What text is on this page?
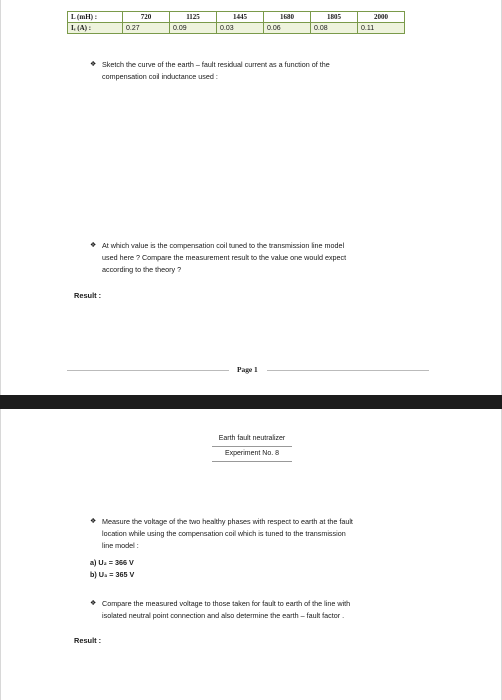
L (mH) :	720	1125	1445	1680	1805	2000
Iₑ (A) :	0.27	0.09	0.03	0.06	0.08	0.11
❖ Sketch the curve of the earth – fault residual current as a function of the
compensation coil inductance used :
❖ At which value is the compensation coil tuned to the transmission line model
used here ? Compare the measurement result to the value one would expect
according to the theory ?
Result :
Page 1
Earth fault neutralizer
Experiment No. 8
❖ Measure the voltage of the two healthy phases with respect to earth at the fault
location while using the compensation coil which is tuned to the transmission
line model :
a) U₂ = 366 V
b) U₃ = 365 V
❖ Compare the measured voltage to those taken for fault to earth of the line with
isolated neutral point connection and also determine the earth – fault factor .
Result :
